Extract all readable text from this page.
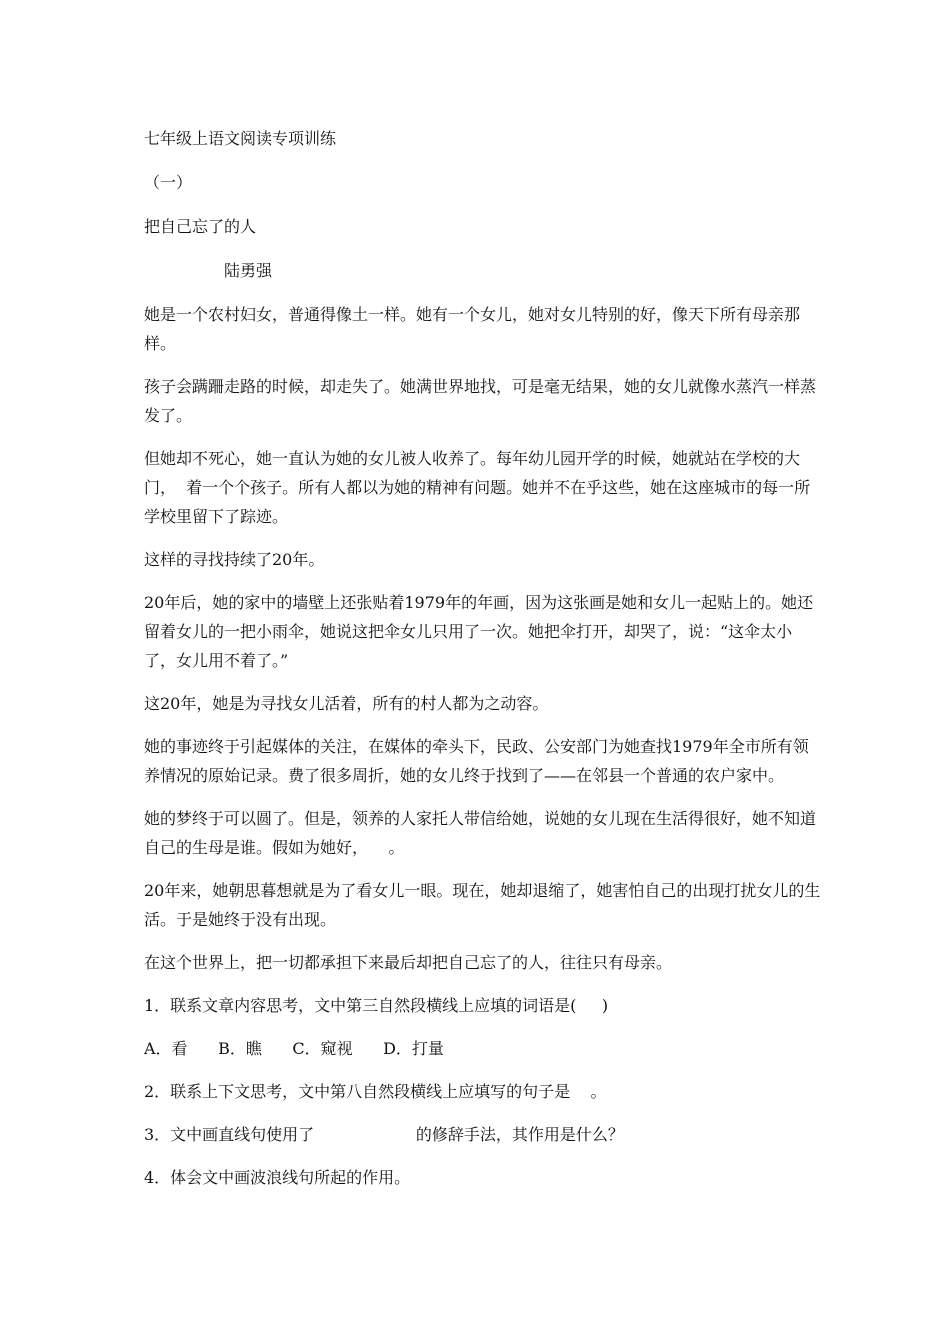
七年级上语文阅读专项训练

（一）

把自己忘了的人

陆勇强

她是一个农村妇女，普通得像土一样。她有一个女儿，她对女儿特别的好，像天下所有母亲那样。

孩子会蹒跚走路的时候，却走失了。她满世界地找，可是毫无结果，她的女儿就像水蒸汽一样蒸发了。

但她却不死心，她一直认为她的女儿被人收养了。每年幼儿园开学的时候，她就站在学校的大门，  着一个个孩子。所有人都以为她的精神有问题。她并不在乎这些，她在这座城市的每一所学校里留下了踪迹。

这样的寻找持续了20年。

20年后，她的家中的墙壁上还张贴着1979年的年画，因为这张画是她和女儿一起贴上的。她还留着女儿的一把小雨伞，她说这把伞女儿只用了一次。她把伞打开，却哭了，说：“这伞太小了，女儿用不着了。”

这20年，她是为寻找女儿活着，所有的村人都为之动容。

她的事迹终于引起媒体的关注，在媒体的牵头下，民政、公安部门为她查找1979年全市所有领养情况的原始记录。费了很多周折，她的女儿终于找到了——在邻县一个普通的农户家中。

她的梦终于可以圆了。但是，领养的人家托人带信给她，说她的女儿现在生活得很好，她不知道自己的生母是谁。假如为她好，    。

20年来，她朝思暮想就是为了看女儿一眼。现在，她却退缩了，她害怕自己的出现打扰女儿的生活。于是她终于没有出现。

在这个世界上，把一切都承担下来最后却把自己忘了的人，往往只有母亲。

1．联系文章内容思考，文中第三自然段横线上应填的词语是(     )

A．看      B．瞧      C．窥视      D．打量

2．联系上下文思考，文中第八自然段横线上应填写的句子是    。

3．文中画直线句使用了                    的修辞手法，其作用是什么？

4．体会文中画波浪线句所起的作用。
